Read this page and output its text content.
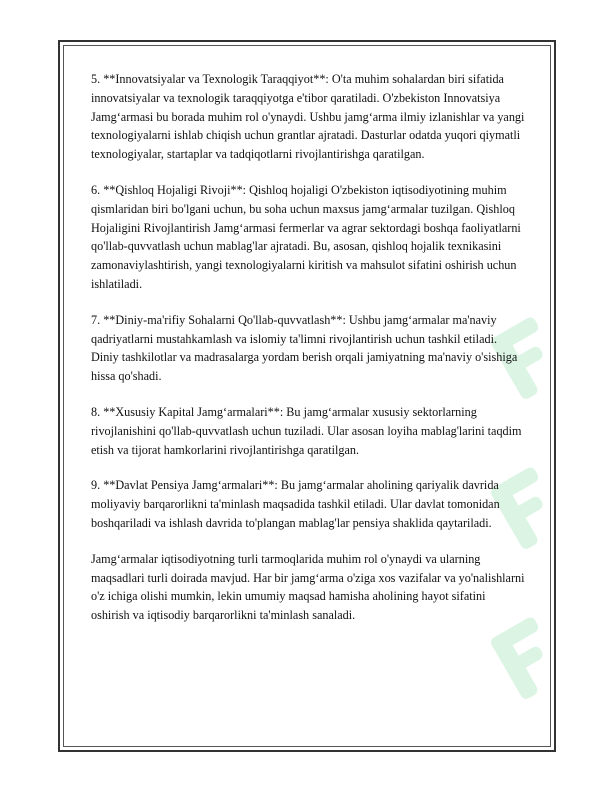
5. **Innovatsiyalar va Texnologik Taraqqiyot**: O'ta muhim sohalardan biri sifatida innovatsiyalar va texnologik taraqqiyotga e'tibor qaratiladi. O'zbekiston Innovatsiya Jamg‘armasi bu borada muhim rol o'ynaydi. Ushbu jamg‘arma ilmiy izlanishlar va yangi texnologiyalarni ishlab chiqish uchun grantlar ajratadi. Dasturlar odatda yuqori qiymatli texnologiyalar, startaplar va tadqiqotlarni rivojlantirishga qaratilgan.

6. **Qishloq Hojaligi Rivoji**: Qishloq hojaligi O'zbekiston iqtisodiyotining muhim qismlaridan biri bo'lgani uchun, bu soha uchun maxsus jamg‘armalar tuzilgan. Qishloq Hojaligini Rivojlantirish Jamg‘armasi fermerlar va agrar sektordagi boshqa faoliyatlarni qo'llab-quvvatlash uchun mablag'lar ajratadi. Bu, asosan, qishloq hojalik texnikasini zamonaviylashtirish, yangi texnologiyalarni kiritish va mahsulot sifatini oshirish uchun ishlatiladi.

7. **Diniy-ma'rifiy Sohalarni Qo'llab-quvvatlash**: Ushbu jamg‘armalar ma'naviy qadriyatlarni mustahkamlash va islomiy ta'limni rivojlantirish uchun tashkil etiladi. Diniy tashkilotlar va madrasalarga yordam berish orqali jamiyatning ma'naviy o'sishiga hissa qo'shadi.

8. **Xususiy Kapital Jamg‘armalari**: Bu jamg‘armalar xususiy sektorlarning rivojlanishini qo'llab-quvvatlash uchun tuziladi. Ular asosan loyiha mablag'larini taqdim etish va tijorat hamkorlarini rivojlantirishga qaratilgan.

9. **Davlat Pensiya Jamg‘armalari**: Bu jamg‘armalar aholining qariyalik davrida moliyaviy barqarorlikni ta'minlash maqsadida tashkil etiladi. Ular davlat tomonidan boshqariladi va ishlash davrida to'plangan mablag'lar pensiya shaklida qaytariladi.

Jamg‘armalar iqtisodiyotning turli tarmoqlarida muhim rol o'ynaydi va ularning maqsadlari turli doirada mavjud. Har bir jamg‘arma o'ziga xos vazifalar va yo'nalishlarni o'z ichiga olishi mumkin, lekin umumiy maqsad hamisha aholining hayot sifatini oshirish va iqtisodiy barqarorlikni ta'minlash sanaladi.
